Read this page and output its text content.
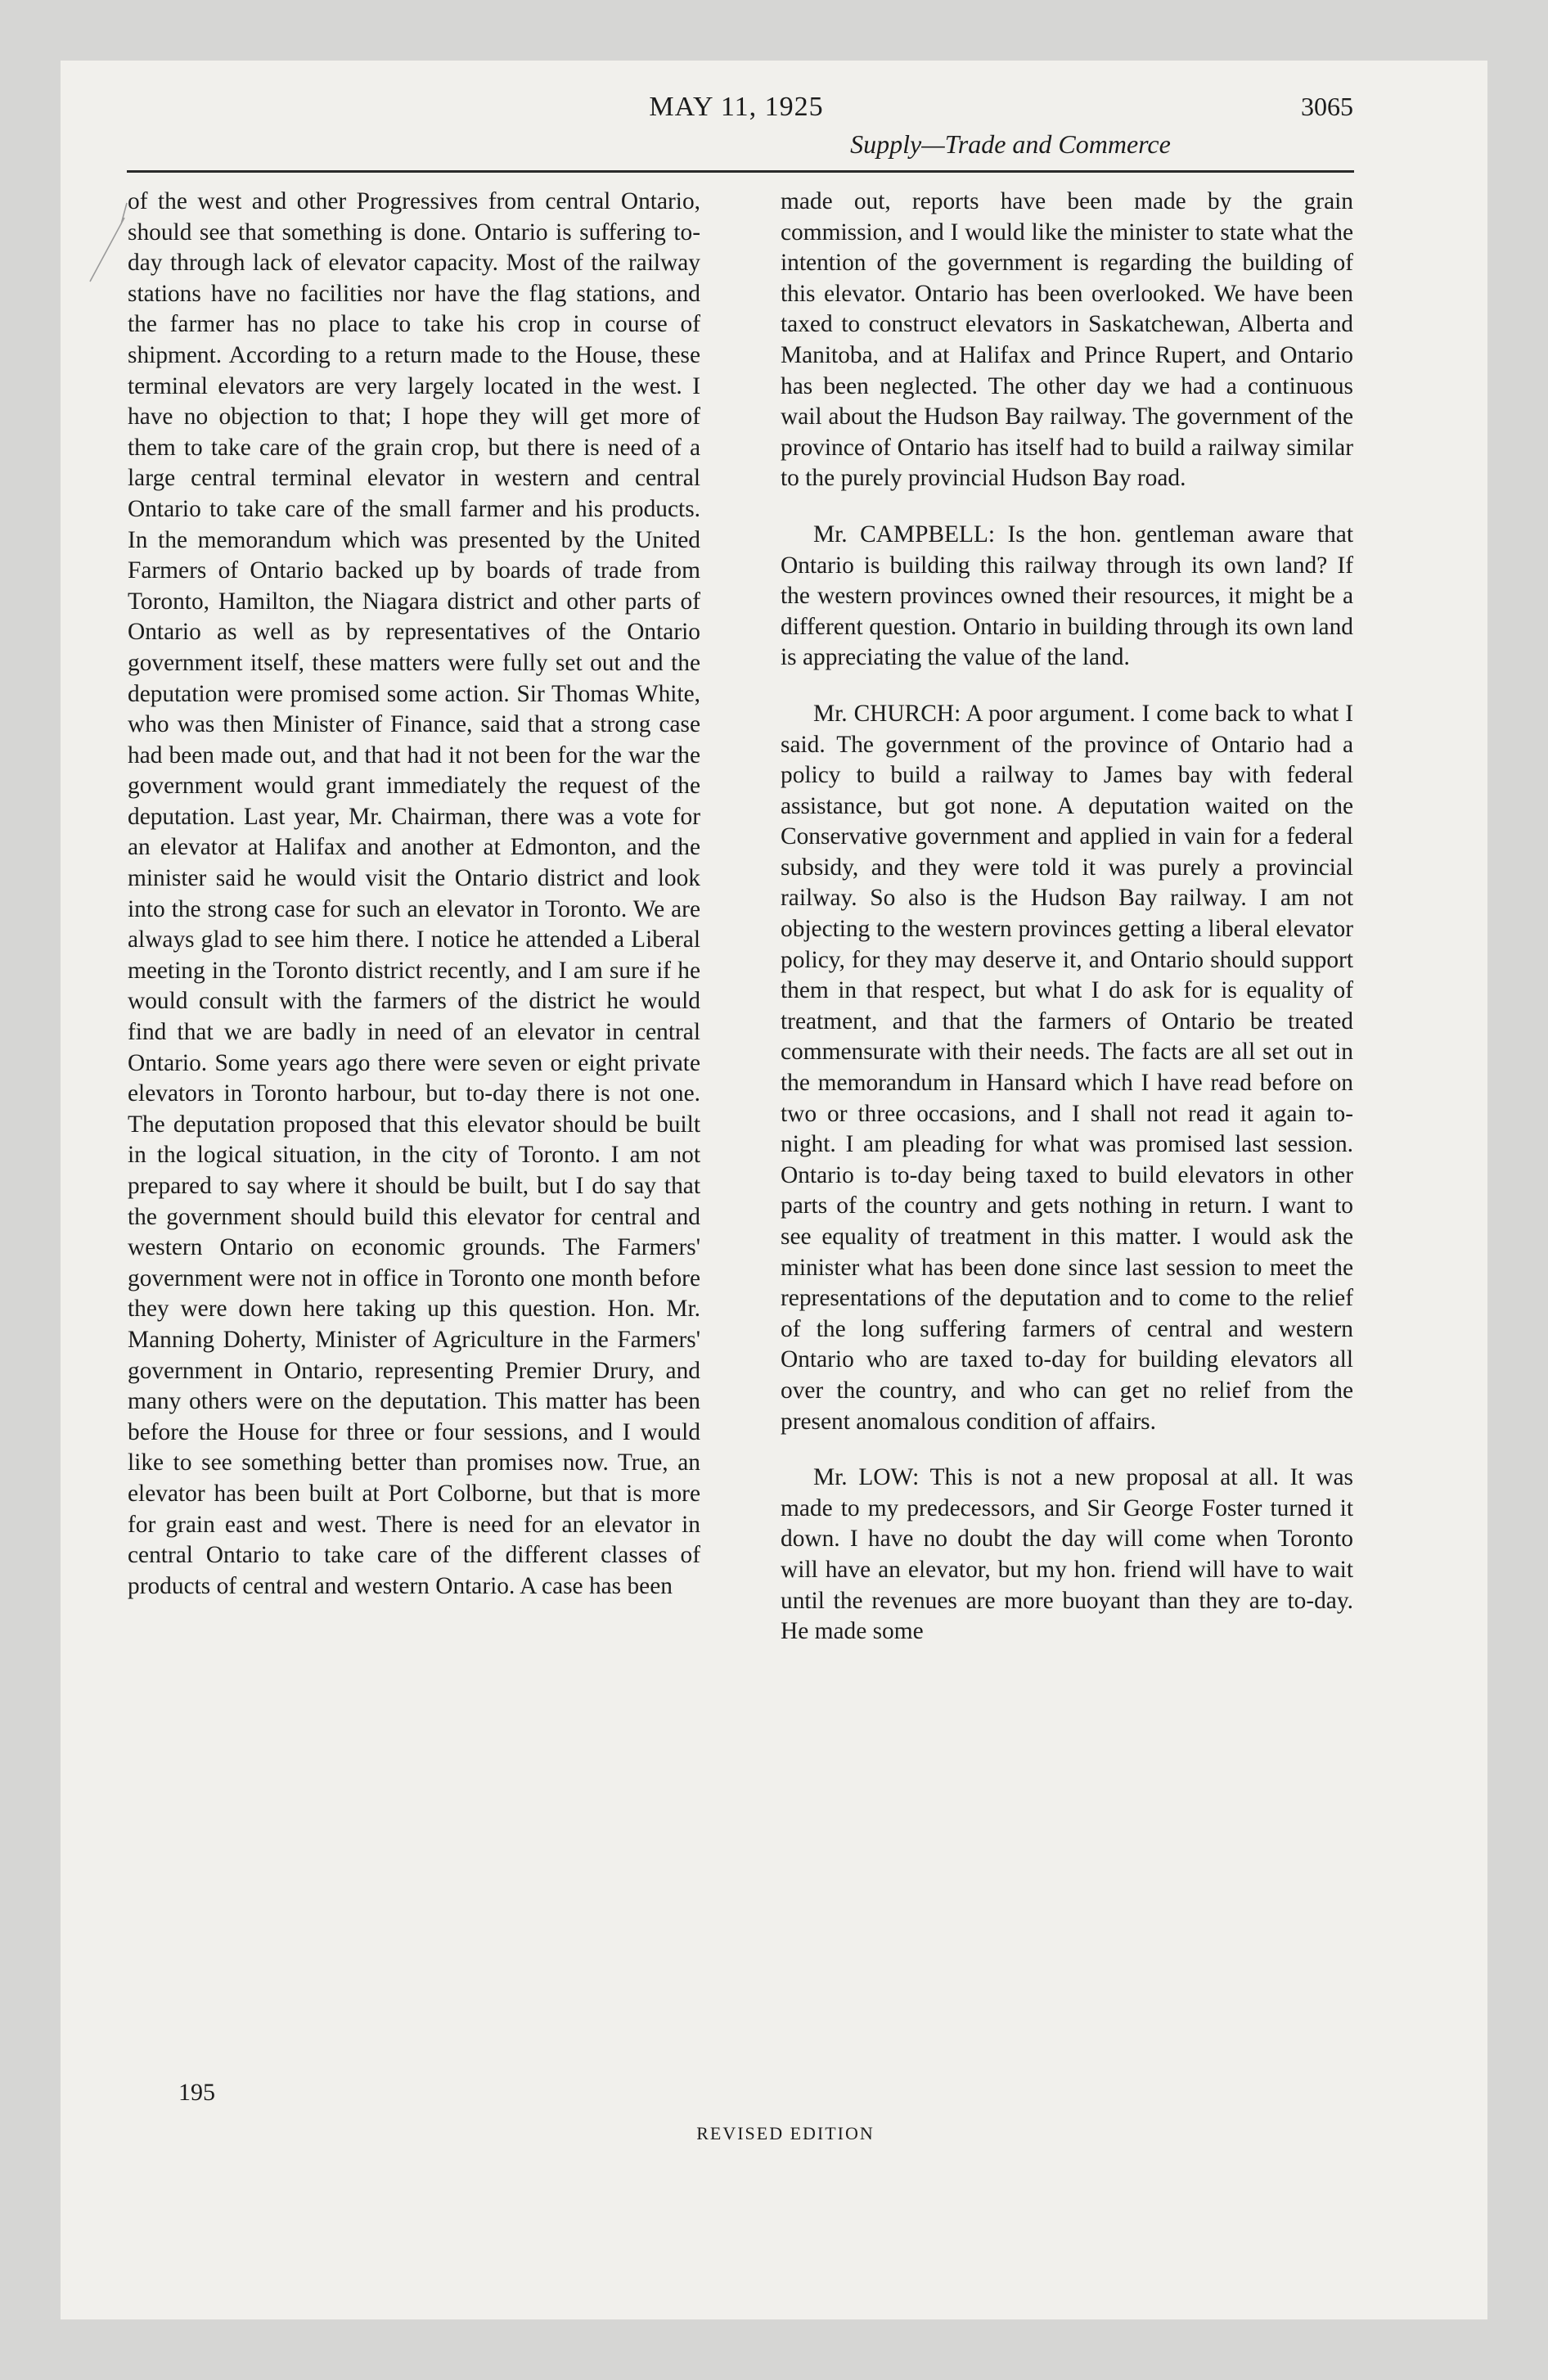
MAY 11, 1925	3065
Supply—Trade and Commerce

of the west and other Progressives from central Ontario, should see that something is done. Ontario is suffering to-day through lack of elevator capacity. Most of the railway stations have no facilities nor have the flag stations, and the farmer has no place to take his crop in course of shipment. According to a return made to the House, these terminal elevators are very largely located in the west. I have no objection to that; I hope they will get more of them to take care of the grain crop, but there is need of a large central terminal elevator in western and central Ontario to take care of the small farmer and his products. In the memorandum which was presented by the United Farmers of Ontario backed up by boards of trade from Toronto, Hamilton, the Niagara district and other parts of Ontario as well as by representatives of the Ontario government itself, these matters were fully set out and the deputation were promised some action. Sir Thomas White, who was then Minister of Finance, said that a strong case had been made out, and that had it not been for the war the government would grant immediately the request of the deputation. Last year, Mr. Chairman, there was a vote for an elevator at Halifax and another at Edmonton, and the minister said he would visit the Ontario district and look into the strong case for such an elevator in Toronto. We are always glad to see him there. I notice he attended a Liberal meeting in the Toronto district recently, and I am sure if he would consult with the farmers of the district he would find that we are badly in need of an elevator in central Ontario. Some years ago there were seven or eight private elevators in Toronto harbour, but to-day there is not one. The deputation proposed that this elevator should be built in the logical situation, in the city of Toronto. I am not prepared to say where it should be built, but I do say that the government should build this elevator for central and western Ontario on economic grounds. The Farmers' government were not in office in Toronto one month before they were down here taking up this question. Hon. Mr. Manning Doherty, Minister of Agriculture in the Farmers' government in Ontario, representing Premier Drury, and many others were on the deputation. This matter has been before the House for three or four sessions, and I would like to see something better than promises now. True, an elevator has been built at Port Colborne, but that is more for grain east and west. There is need for an elevator in central Ontario to take care of the different classes of products of central and western Ontario. A case has been

made out, reports have been made by the grain commission, and I would like the minister to state what the intention of the government is regarding the building of this elevator. Ontario has been overlooked. We have been taxed to construct elevators in Saskatchewan, Alberta and Manitoba, and at Halifax and Prince Rupert, and Ontario has been neglected. The other day we had a continuous wail about the Hudson Bay railway. The government of the province of Ontario has itself had to build a railway similar to the purely provincial Hudson Bay road.

Mr. CAMPBELL: Is the hon. gentleman aware that Ontario is building this railway through its own land? If the western provinces owned their resources, it might be a different question. Ontario in building through its own land is appreciating the value of the land.

Mr. CHURCH: A poor argument. I come back to what I said. The government of the province of Ontario had a policy to build a railway to James bay with federal assistance, but got none. A deputation waited on the Conservative government and applied in vain for a federal subsidy, and they were told it was purely a provincial railway. So also is the Hudson Bay railway. I am not objecting to the western provinces getting a liberal elevator policy, for they may deserve it, and Ontario should support them in that respect, but what I do ask for is equality of treatment, and that the farmers of Ontario be treated commensurate with their needs. The facts are all set out in the memorandum in Hansard which I have read before on two or three occasions, and I shall not read it again to-night. I am pleading for what was promised last session. Ontario is to-day being taxed to build elevators in other parts of the country and gets nothing in return. I want to see equality of treatment in this matter. I would ask the minister what has been done since last session to meet the representations of the deputation and to come to the relief of the long suffering farmers of central and western Ontario who are taxed to-day for building elevators all over the country, and who can get no relief from the present anomalous condition of affairs.

Mr. LOW: This is not a new proposal at all. It was made to my predecessors, and Sir George Foster turned it down. I have no doubt the day will come when Toronto will have an elevator, but my hon. friend will have to wait until the revenues are more buoyant than they are to-day. He made some

195
REVISED EDITION
